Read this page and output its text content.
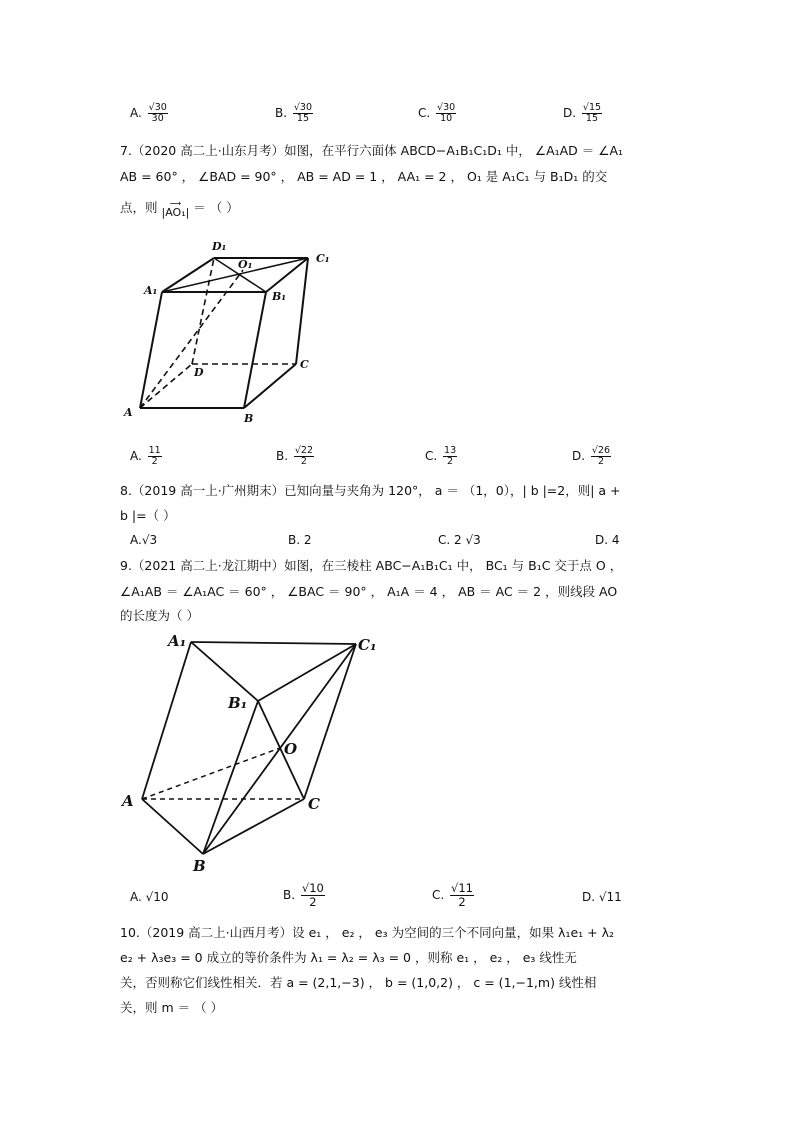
A. $\frac{√30}{30}$	B. $\frac{√30}{15}$	C. $\frac{√30}{10}$	D. $\frac{√15}{15}$
7.（2020 高二上·山东月考）如图，在平行六面体 ABCD−A₁B₁C₁D₁ 中， ∠A₁AD ＝ ∠A₁
AB = 60° ， ∠BAD = 90° ， AB = AD = 1 ， AA₁ = 2 ， O₁ 是 A₁C₁ 与 B₁D₁ 的交
点，则 ⟶
|AO₁| ＝ （ ）
D₁
O₁	C₁
A₁	B₁
D
C
A	B
A. $\frac{11}{2}$	B. $\frac{√22}{2}$	C. $\frac{13}{2}$	D. $\frac{√26}{2}$
8.（2019 高一上·广州期末）已知向量与夹角为 120°， a ＝ （1，0），| b |=2，则| a +
b |=（ ）
A.√3	B. 2	C. 2 √3	D. 4
9.（2021 高二上·龙江期中）如图，在三棱柱 ABC−A₁B₁C₁ 中， BC₁ 与 B₁C 交于点 O ，
∠A₁AB ＝ ∠A₁AC ＝ 60° ， ∠BAC ＝ 90° ， A₁A ＝ 4 ， AB ＝ AC ＝ 2 ，则线段 AO
的长度为（ ）
A₁	C₁
B₁
O
A	C
B
A. √10	B. $\frac{√10}{2}$	C. $\frac{√11}{2}$	D. √11
10.（2019 高二上·山西月考）设 e₁ ， e₂ ， e₃ 为空间的三个不同向量，如果 λ₁e₁ + λ₂
e₂ + λ₃e₃ = 0 成立的等价条件为 λ₁ = λ₂ = λ₃ = 0 ，则称 e₁ ， e₂ ， e₃ 线性无
关，否则称它们线性相关．若 a = (2,1,−3) ， b = (1,0,2) ， c = (1,−1,m) 线性相
关，则 m ＝ （ ）
